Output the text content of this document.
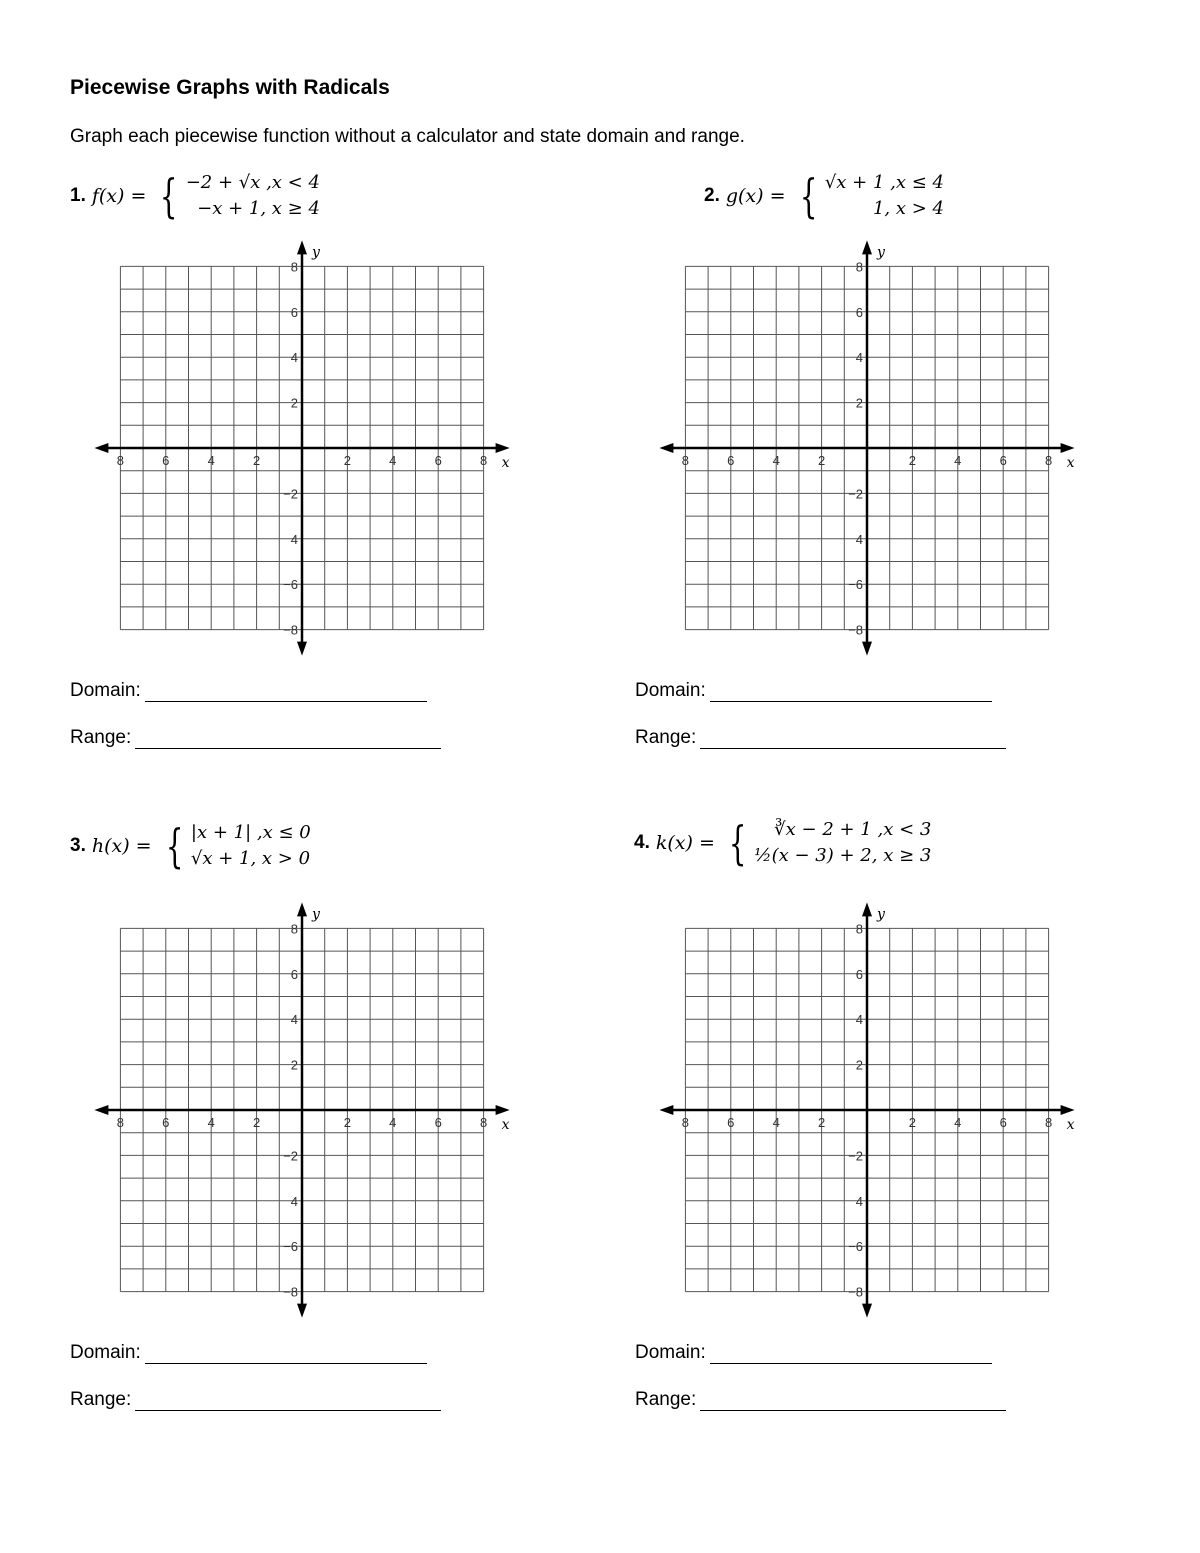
Piecewise Graphs with Radicals
Graph each piecewise function without a calculator and state domain and range.
1. f(x) = { −2 + √x ,x < 4
−x + 1, x ≥ 4
2. g(x) = { √x + 1 ,x ≤ 4
1, x > 4
3. h(x) = { |x + 1| ,x ≤ 0
√x + 1, x > 0
4. k(x) = {	∛x − 2 + 1 ,x < 3
½(x − 3) + 2, x ≥ 3
x
y
8	6	4	2	2	4	6	8
8
6
4
2
−2
4
−6
−8
x
y
8	6	4	2	2	4	6	8
8
6
4
2
−2
4
−6
−8
x
y
8	6	4	2	2	4	6	8
8
6
4
2
−2
4
−6
−8
x
y
8	6	4	2	2	4	6	8
8
6
4
2
−2
4
−6
−8
Domain:
Range:
Domain:
Range:
Domain:
Range:
Domain:
Range:
